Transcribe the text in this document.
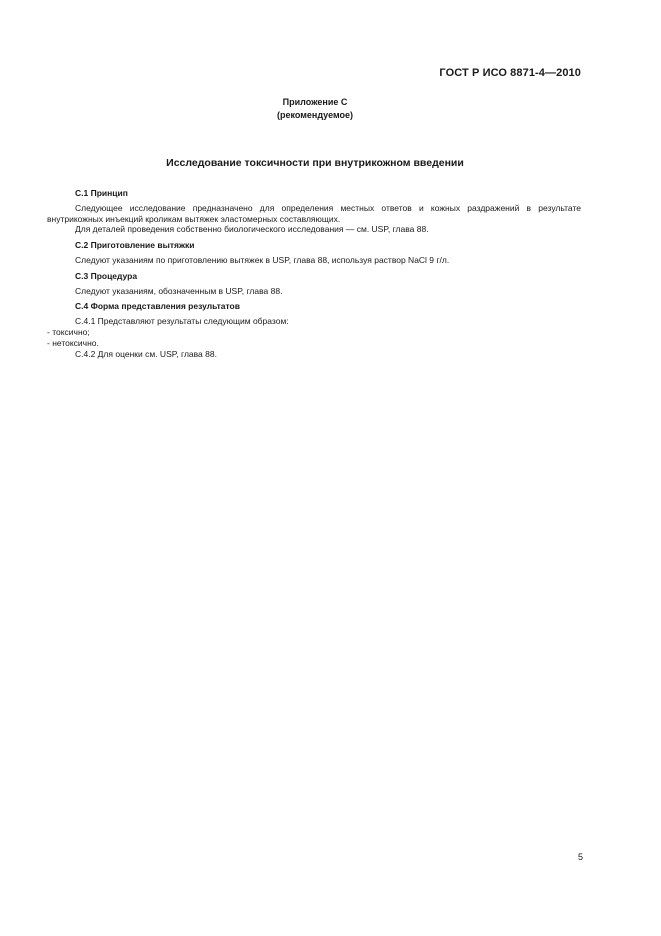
ГОСТ Р ИСО 8871-4—2010
Приложение С
(рекомендуемое)
Исследование токсичности при внутрикожном введении
С.1 Принцип

Следующее исследование предназначено для определения местных ответов и кожных раздражений в результате внутрикожных инъекций кроликам вытяжек эластомерных составляющих.

Для деталей проведения собственно биологического исследования — см. USP, глава 88.

С.2 Приготовление вытяжки

Следуют указаниям по приготовлению вытяжек в USP, глава 88, используя раствор NaCl 9 г/л.

С.3 Процедура

Следуют указаниям, обозначенным в USP, глава 88.

С.4 Форма представления результатов

С.4.1 Представляют результаты следующим образом:

- токсично;

- нетоксично.

С.4.2 Для оценки см. USP, глава 88.

5
